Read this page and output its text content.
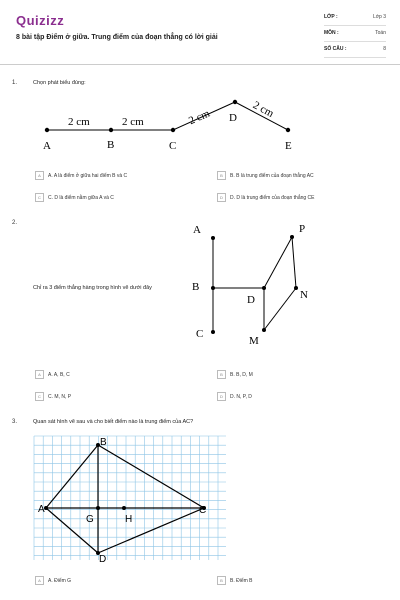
Quizizz
8 bài tập Điểm ở giữa. Trung điểm của đoạn thẳng có lời giải
LỚP :	Lớp 3
MÔN :	Toán
SỐ CÂU :	8
1.	Chọn phát biểu đúng:
A	B	C
D
E
2 cm	2 cm	2 cm	2 cm
A	A. A là điểm ở giữa hai điểm B và C	B	B. B là trung điểm của đoạn thẳng AC
C	C. D là điểm nằm giữa A và C	D	D. D là trung điểm của đoạn thẳng CE
2.
Chỉ ra 3 điểm thẳng hàng trong hình vẽ dưới đây
A
B
C
D
P
N
M
A	A. A, B, C	B	B. B, D, M
C	C. M, N, P	D	D. N, P, D
3.	Quan sát hình vẽ sau và cho biết điểm nào là trung điểm của AC?
A
B
C
D
G	H
A	A. Điểm G	B	B. Điểm B
